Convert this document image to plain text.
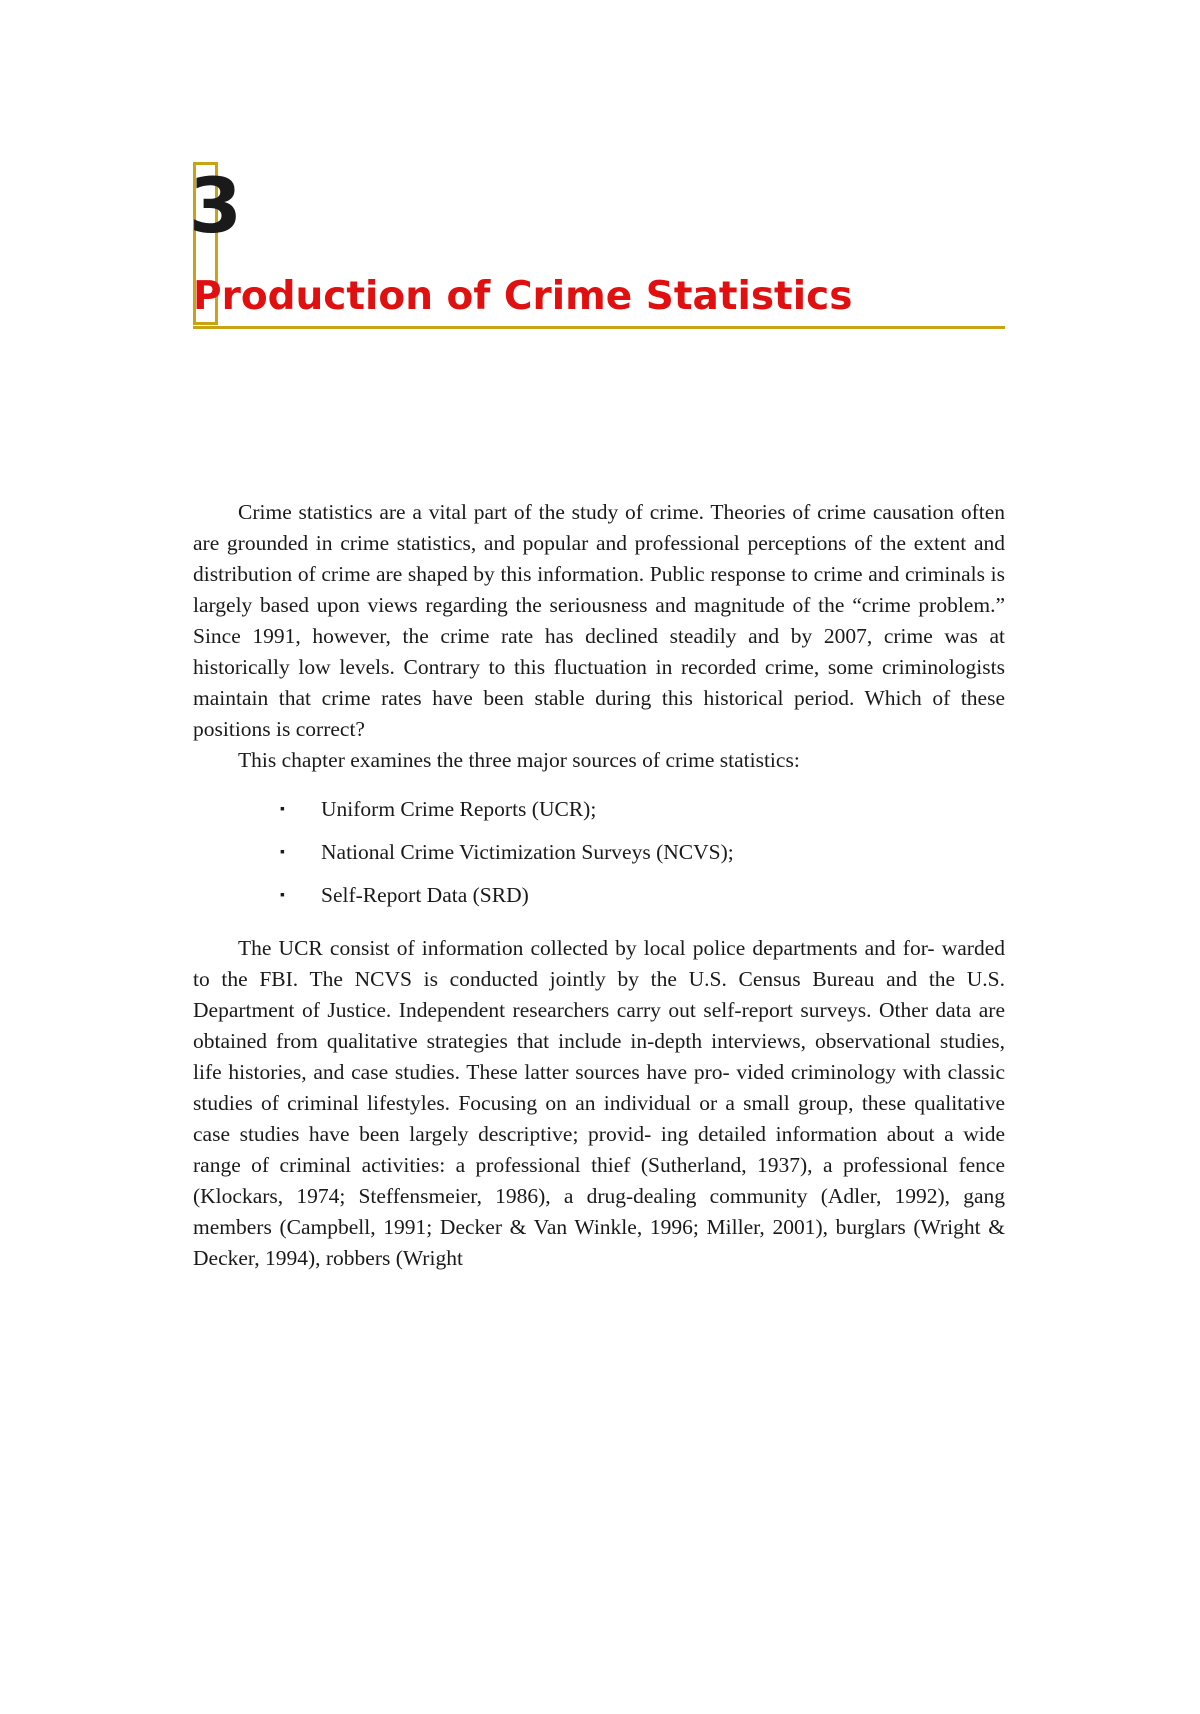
3
Production of Crime Statistics

Crime statistics are a vital part of the study of crime. Theories of crime causation often are grounded in crime statistics, and popular and professional perceptions of the extent and distribution of crime are shaped by this information. Public response to crime and criminals is largely based upon views regarding the seriousness and magnitude of the “crime problem.” Since 1991, however, the crime rate has declined steadily and by 2007, crime was at historically low levels. Contrary to this fluctuation in recorded crime, some criminologists maintain that crime rates have been stable during this historical period. Which of these positions is correct?

This chapter examines the three major sources of crime statistics:

▪ Uniform Crime Reports (UCR);
▪ National Crime Victimization Surveys (NCVS);
▪ Self-Report Data (SRD)

The UCR consist of information collected by local police departments and for- warded to the FBI. The NCVS is conducted jointly by the U.S. Census Bureau and the U.S. Department of Justice. Independent researchers carry out self-report surveys. Other data are obtained from qualitative strategies that include in-depth interviews, observational studies, life histories, and case studies. These latter sources have pro- vided criminology with classic studies of criminal lifestyles. Focusing on an individual or a small group, these qualitative case studies have been largely descriptive; provid- ing detailed information about a wide range of criminal activities: a professional thief (Sutherland, 1937), a professional fence (Klockars, 1974; Steffensmeier, 1986), a drug-dealing community (Adler, 1992), gang members (Campbell, 1991; Decker & Van Winkle, 1996; Miller, 2001), burglars (Wright & Decker, 1994), robbers (Wright
